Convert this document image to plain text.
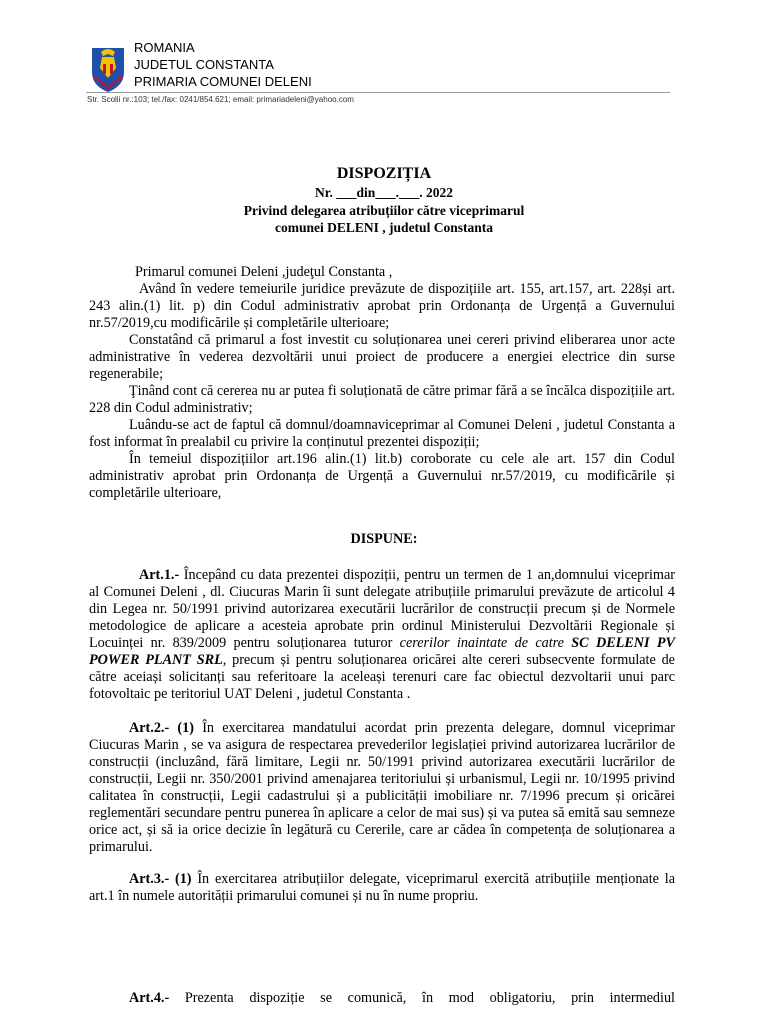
ROMANIA
JUDETUL CONSTANTA
PRIMARIA COMUNEI DELENI
Str. Scolii nr.:103; tel./fax: 0241/854.621; email: primariadeleni@yahoo.com
DISPOZIȚIA
Nr. ___din___.___. 2022
Privind delegarea atribuțiilor către viceprimarul
comunei DELENI , judetul Constanta

Primarul comunei Deleni ,judeţul Constanta ,

Având în vedere temeiurile juridice prevăzute de dispozițiile art. 155, art.157, art. 228și art. 243 alin.(1) lit. p) din Codul administrativ aprobat prin Ordonanța de Urgență a Guvernului nr.57/2019,cu modificările și completările ulterioare;

Constatând că primarul a fost investit cu soluționarea unei cereri privind eliberarea unor acte administrative în vederea dezvoltării unui proiect de producere a energiei electrice din surse regenerabile;

Ţinând cont că cererea nu ar putea fi soluționată de către primar fără a se încălca dispozițiile art. 228 din Codul administrativ;

Luându-se act de faptul că domnul/doamnaviceprimar al Comunei Deleni , judetul Constanta a fost informat în prealabil cu privire la conținutul prezentei dispoziții;

În temeiul dispozițiilor art.196 alin.(1) lit.b) coroborate cu cele ale art. 157 din Codul administrativ aprobat prin Ordonanța de Urgență a Guvernului nr.57/2019, cu modificările și completările ulterioare,

DISPUNE:

Art.1.- Începând cu data prezentei dispoziții, pentru un termen de 1 an,domnului viceprimar al Comunei Deleni , dl. Ciucuras Marin îi sunt delegate atribuțiile primarului prevăzute de articolul 4 din Legea nr. 50/1991 privind autorizarea executării lucrărilor de construcții precum și de Normele metodologice de aplicare a acesteia aprobate prin ordinul Ministerului Dezvoltării Regionale și Locuinței nr. 839/2009 pentru soluționarea tuturor cererilor inaintate de catre SC DELENI PV POWER PLANT SRL, precum și pentru soluționarea oricărei alte cereri subsecvente formulate de către aceiași solicitanți sau referitoare la aceleași terenuri care fac obiectul dezvoltarii unui parc fotovoltaic pe teritoriul UAT Deleni , judetul Constanta .

Art.2.- (1) În exercitarea mandatului acordat prin prezenta delegare, domnul viceprimar Ciucuras Marin , se va asigura de respectarea prevederilor legislației privind autorizarea lucrărilor de construcții (incluzând, fără limitare, Legii nr. 50/1991 privind autorizarea executării lucrărilor de construcții, Legii nr. 350/2001 privind amenajarea teritoriului și urbanismul, Legii nr. 10/1995 privind calitatea în construcții, Legii cadastrului și a publicității imobiliare nr. 7/1996 precum și oricărei reglementări secundare pentru punerea în aplicare a celor de mai sus) și va putea să emită sau semneze orice act, și să ia orice decizie în legătură cu Cererile, care ar cădea în competența de soluționarea a primarului.

Art.3.- (1) În exercitarea atribuțiilor delegate, viceprimarul exercită atribuțiile menționate la art.1 în numele autorității primarului comunei și nu în nume propriu.

Art.4.- Prezenta dispoziție se comunică, în mod obligatoriu, prin intermediul
